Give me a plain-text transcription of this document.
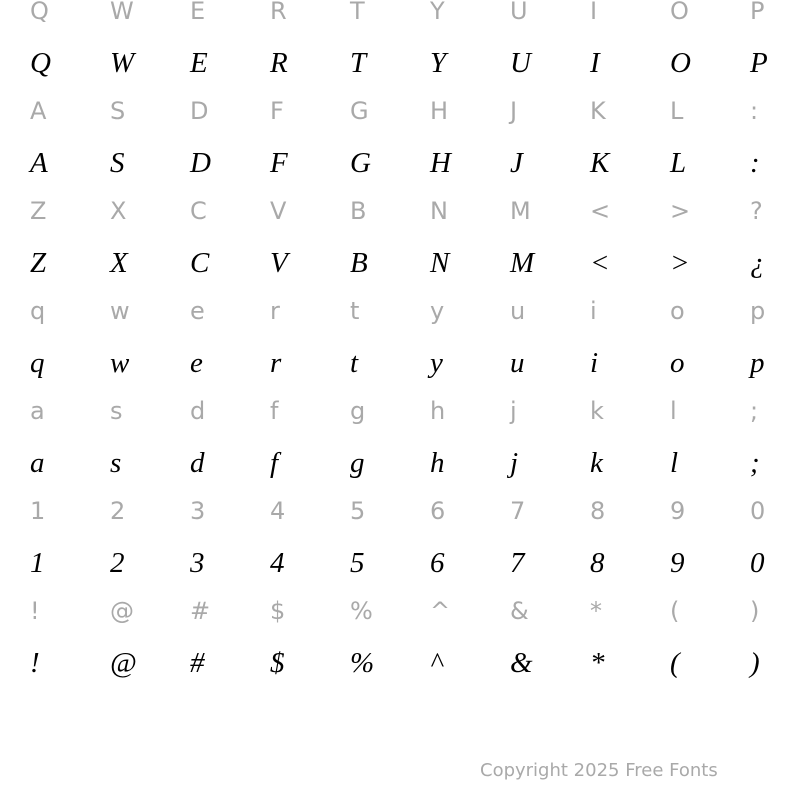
Q	W	E	R	T	Y	U	I	O	P
Q	W	E	R	T	Y	U	I	O	P
A	S	D	F	G	H	J	K	L	:
A	S	D	F	G	H	J	K	L	:
Z	X	C	V	B	N	M	<	>	?
Z	X	C	V	B	N	M	<	>	¿
q	w	e	r	t	y	u	i	o	p
q	w	e	r	t	y	u	i	o	p
a	s	d	f	g	h	j	k	l	;
a	s	d	f	g	h	j	k	l	;
1	2	3	4	5	6	7	8	9	0
1	2	3	4	5	6	7	8	9	0
!	@	#	$	%	^	&	*	(	)
!	@	#	$	%	^	&	*	(	)
Copyright 2025 Free Fonts
